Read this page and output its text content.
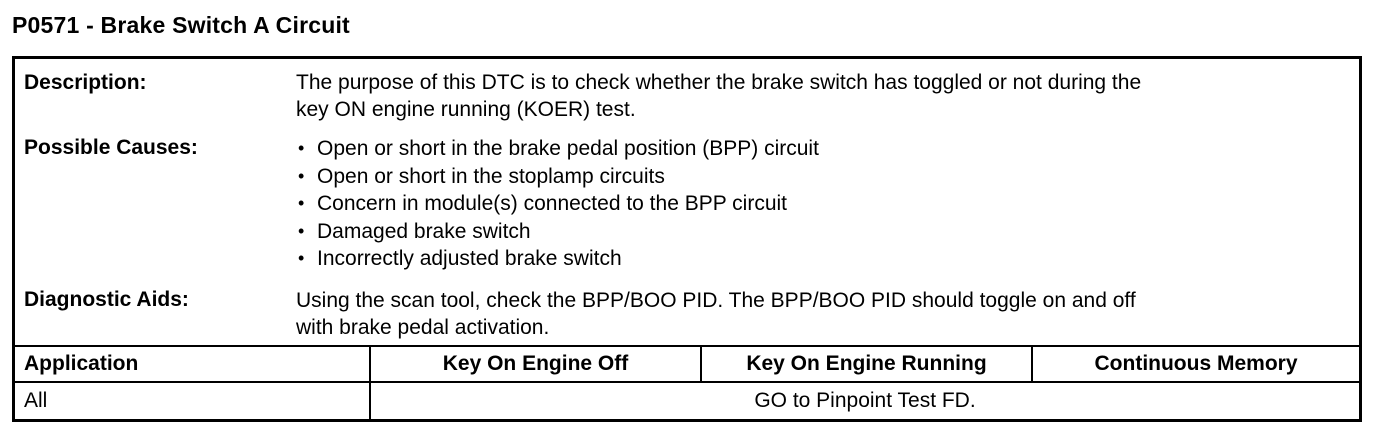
P0571 - Brake Switch A Circuit
Description:	The purpose of this DTC is to check whether the brake switch has toggled or not during the
key ON engine running (KOER) test.
Possible Causes:
•	Open or short in the brake pedal position (BPP) circuit
• Open or short in the stoplamp circuits
• Concern in module(s) connected to the BPP circuit
• Damaged brake switch
• Incorrectly adjusted brake switch
Diagnostic Aids:	Using the scan tool, check the BPP/BOO PID. The BPP/BOO PID should toggle on and off
with brake pedal activation.
Application	Key On Engine Off	Key On Engine Running	Continuous Memory
All	GO to Pinpoint Test FD.
